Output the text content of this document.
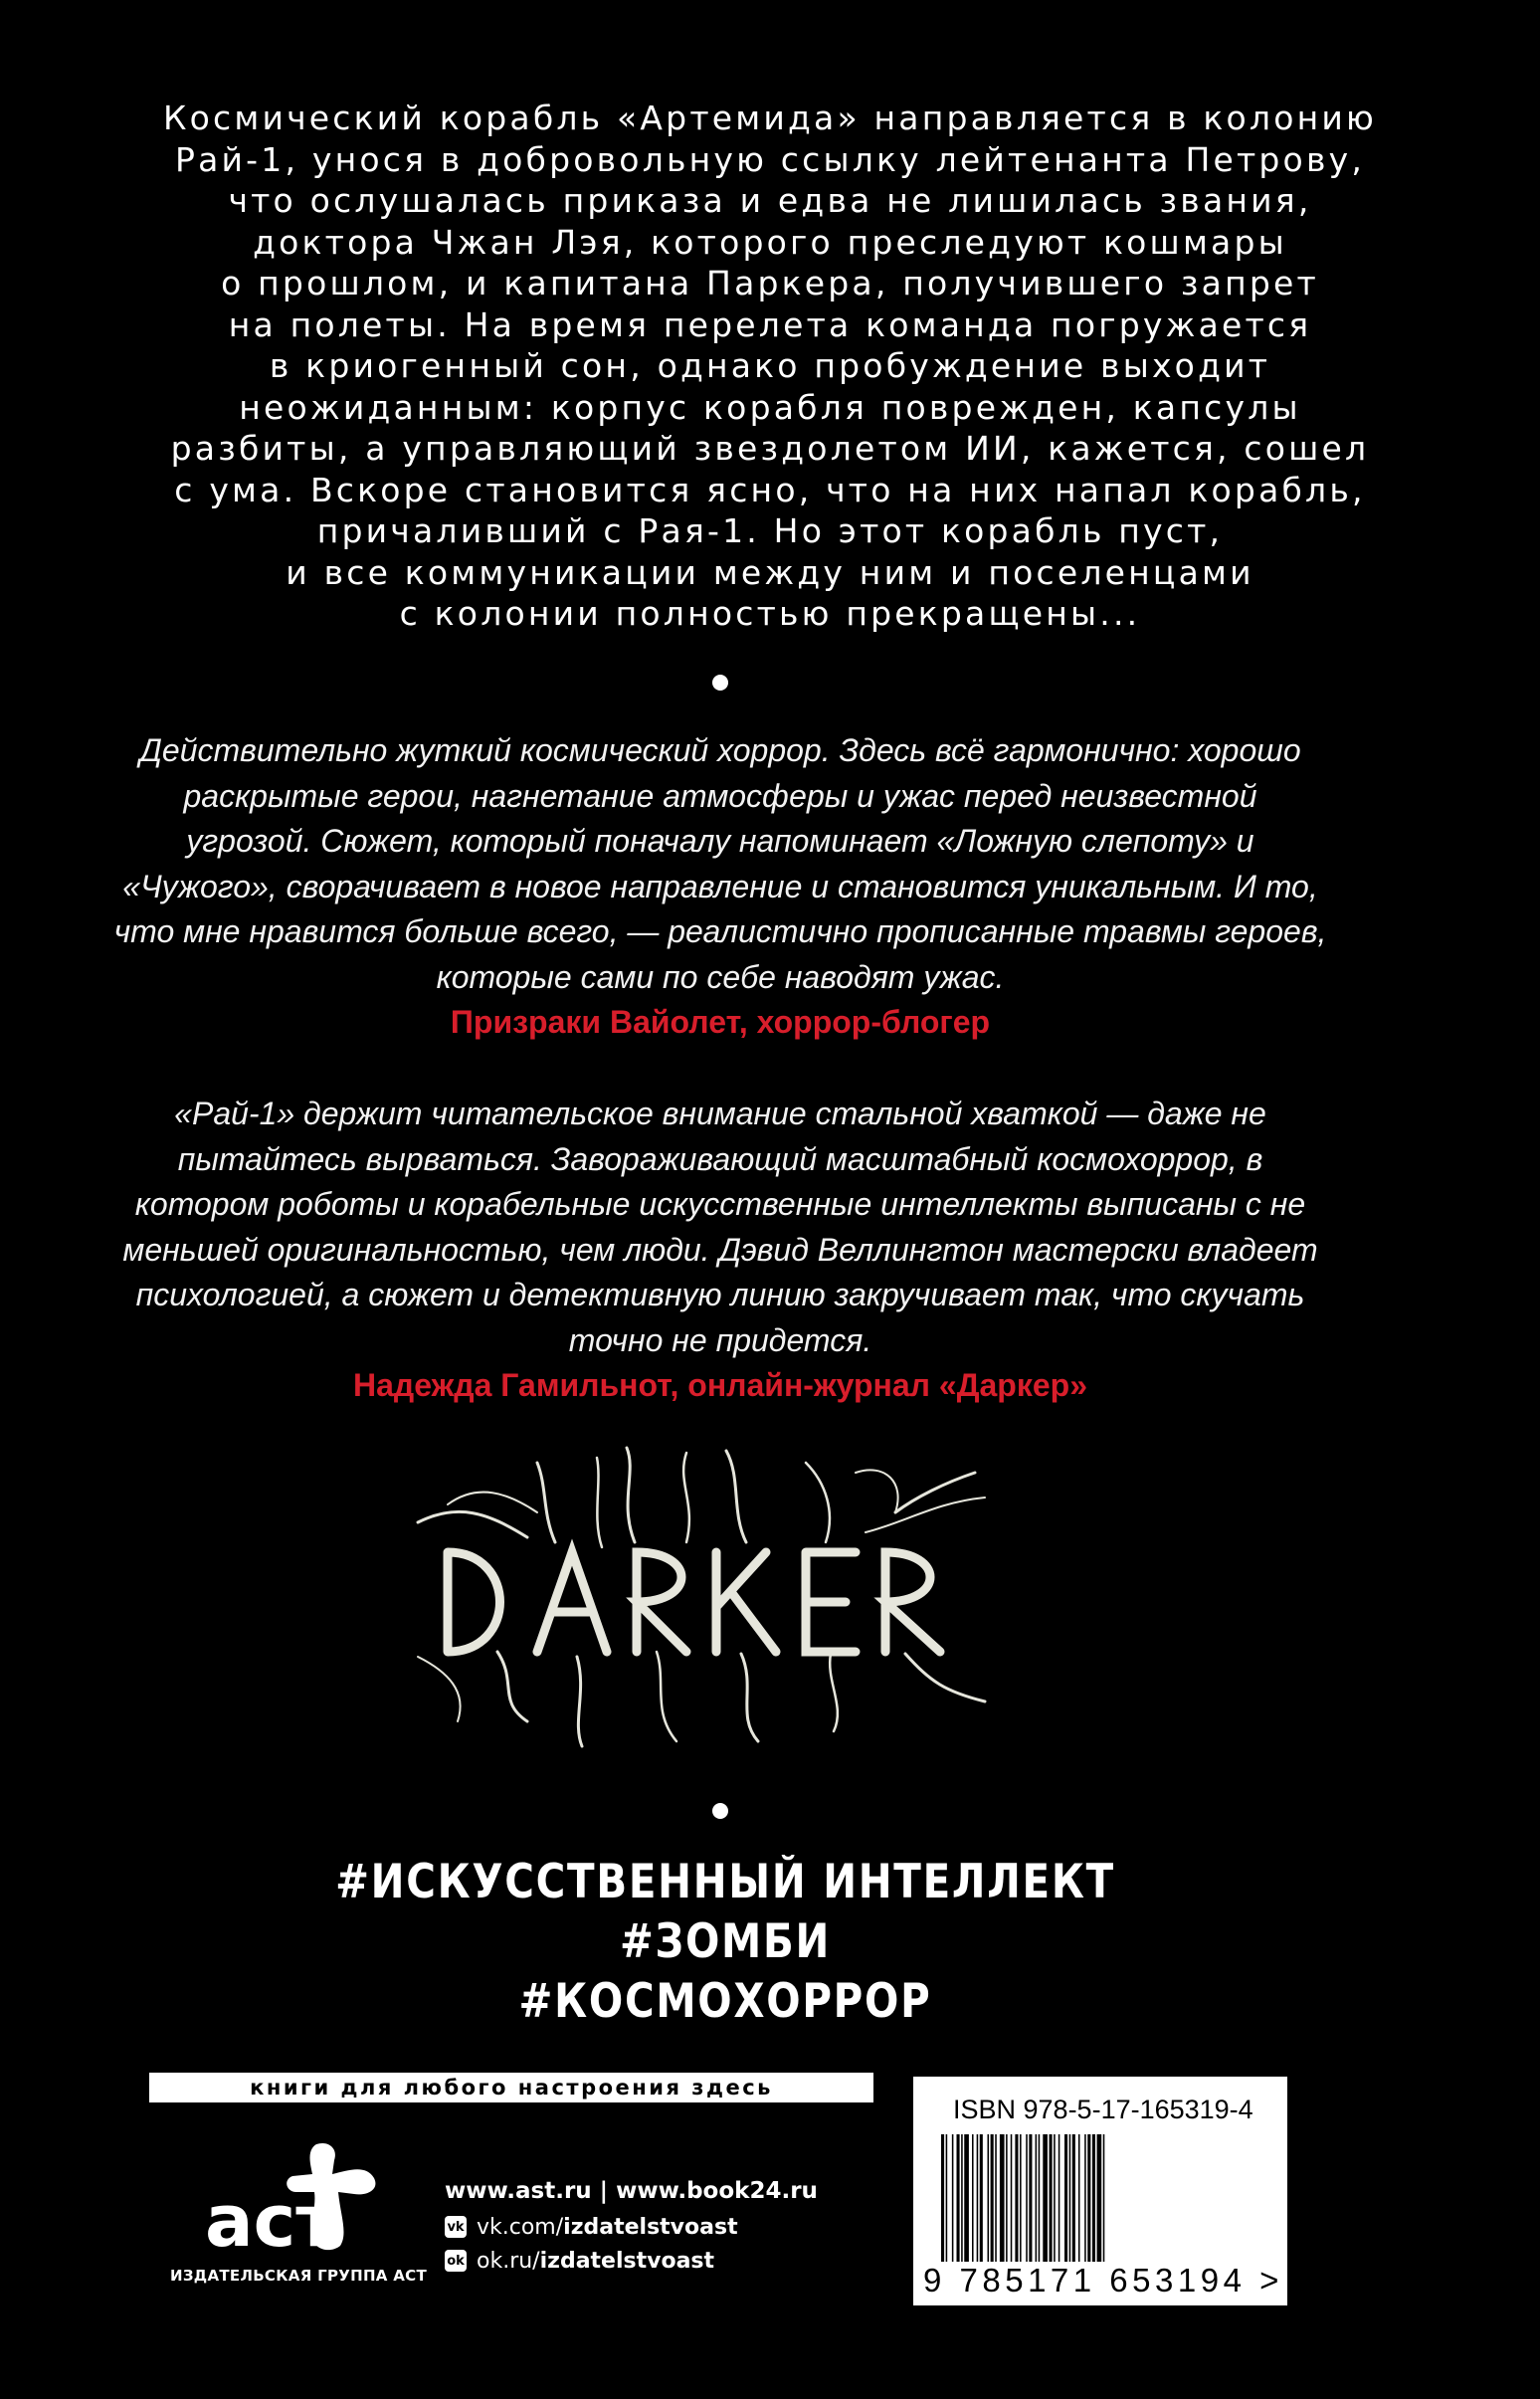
Космический корабль «Артемида» направляется в колонию
Рай-1, унося в добровольную ссылку лейтенанта Петрову,
что ослушалась приказа и едва не лишилась звания,
доктора Чжан Лэя, которого преследуют кошмары
о прошлом, и капитана Паркера, получившего запрет
на полеты. На время перелета команда погружается
в криогенный сон, однако пробуждение выходит
неожиданным: корпус корабля поврежден, капсулы
разбиты, а управляющий звездолетом ИИ, кажется, сошел
с ума. Вскоре становится ясно, что на них напал корабль,
причаливший с Рая-1. Но этот корабль пуст,
и все коммуникации между ним и поселенцами
с колонии полностью прекращены...
Действительно жуткий космический хоррор. Здесь всё гармонично: хорошо
раскрытые герои, нагнетание атмосферы и ужас перед неизвестной
угрозой. Сюжет, который поначалу напоминает «Ложную слепоту» и
«Чужого», сворачивает в новое направление и становится уникальным. И то,
что мне нравится больше всего, — реалистично прописанные травмы героев,
которые сами по себе наводят ужас.
Призраки Вайолет, хоррор-блогер
«Рай-1» держит читательское внимание стальной хваткой — даже не
пытайтесь вырваться. Завораживающий масштабный космохоррор, в
котором роботы и корабельные искусственные интеллекты выписаны с не
меньшей оригинальностью, чем люди. Дэвид Веллингтон мастерски владеет
психологией, а сюжет и детективную линию закручивает так, что скучать
точно не придется.
Надежда Гамильнот, онлайн-журнал «Даркер»
#ИСКУССТВЕННЫЙ ИНТЕЛЛЕКТ
#ЗОМБИ
#КОСМОХОРРОР
книги для любого настроения здесь
аст
ИЗДАТЕЛЬСКАЯ ГРУППА АСТ
www.ast.ru | www.book24.ru
vk vk.com/ izdatelstvoast
ok ok.ru/ izdatelstvoast
ISBN 978-5-17-165319-4
9 785171 653194 >
